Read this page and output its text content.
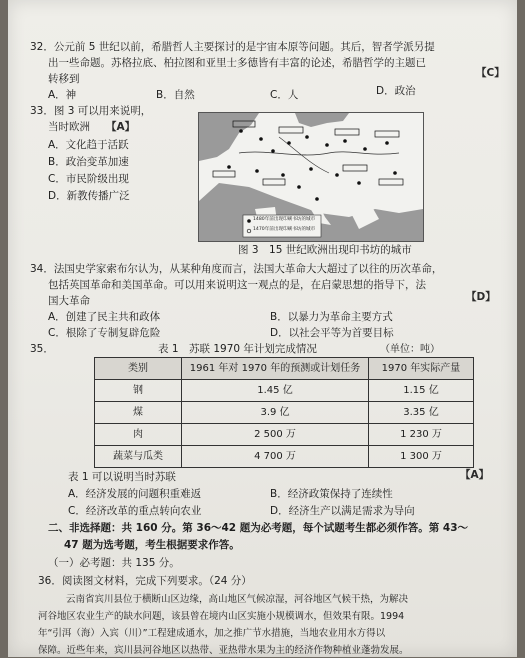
32．公元前 5 世纪以前，希腊哲人主要探讨的是宇宙本原等问题。其后，智者学派另提
出一些命题。苏格拉底、柏拉图和亚里士多德皆有丰富的论述，希腊哲学的主题已
转移到	【C】
A．神	B．自然	C．人	D．政治
33．图 3 可以用来说明，
当时欧洲 【A】
A．文化趋于活跃
B．政治变革加速
C．市民阶级出现
D．新教传播广泛
1480年前出现印刷书坊的城市
1470年前出现印刷书坊的城市
图 3　15 世纪欧洲出现印书坊的城市
34．法国史学家索布尔认为，从某种角度而言，法国大革命大大超过了以往的历次革命，
包括英国革命和美国革命。可以用来说明这一观点的是，在启蒙思想的指导下，法
国大革命	【D】
A．创建了民主共和政体	B．以暴力为革命主要方式
C．根除了专制复辟危险	D．以社会平等为首要目标
35．	表 1　苏联 1970 年计划完成情况	（单位：吨）
类别	1961 年对 1970 年的预测或计划任务	1970 年实际产量
钢	1.45 亿	1.15 亿
煤	3.9 亿	3.35 亿
肉	2 500 万	1 230 万
蔬菜与瓜类	4 700 万	1 300 万
表 1 可以说明当时苏联	【A】
A．经济发展的问题积重难返	B．经济政策保持了连续性
C．经济改革的重点转向农业	D．经济生产以满足需求为导向
二、非选择题：共 160 分。第 36～42 题为必考题，每个试题考生都必须作答。第 43～
47 题为选考题，考生根据要求作答。
（一）必考题：共 135 分。
36．阅读图文材料，完成下列要求。（24 分）
云南省宾川县位于横断山区边缘，高山地区气候凉湿，河谷地区气候干热，为解决
河谷地区农业生产的缺水问题，该县曾在境内山区实施小规模调水，但效果有限。1994
年“引洱（海）入宾（川）”工程建成通水，加之推广节水措施，当地农业用水方得以
保障。近些年来，宾川县河谷地区以热带、亚热带水果为主的经济作物种植业蓬勃发展。
